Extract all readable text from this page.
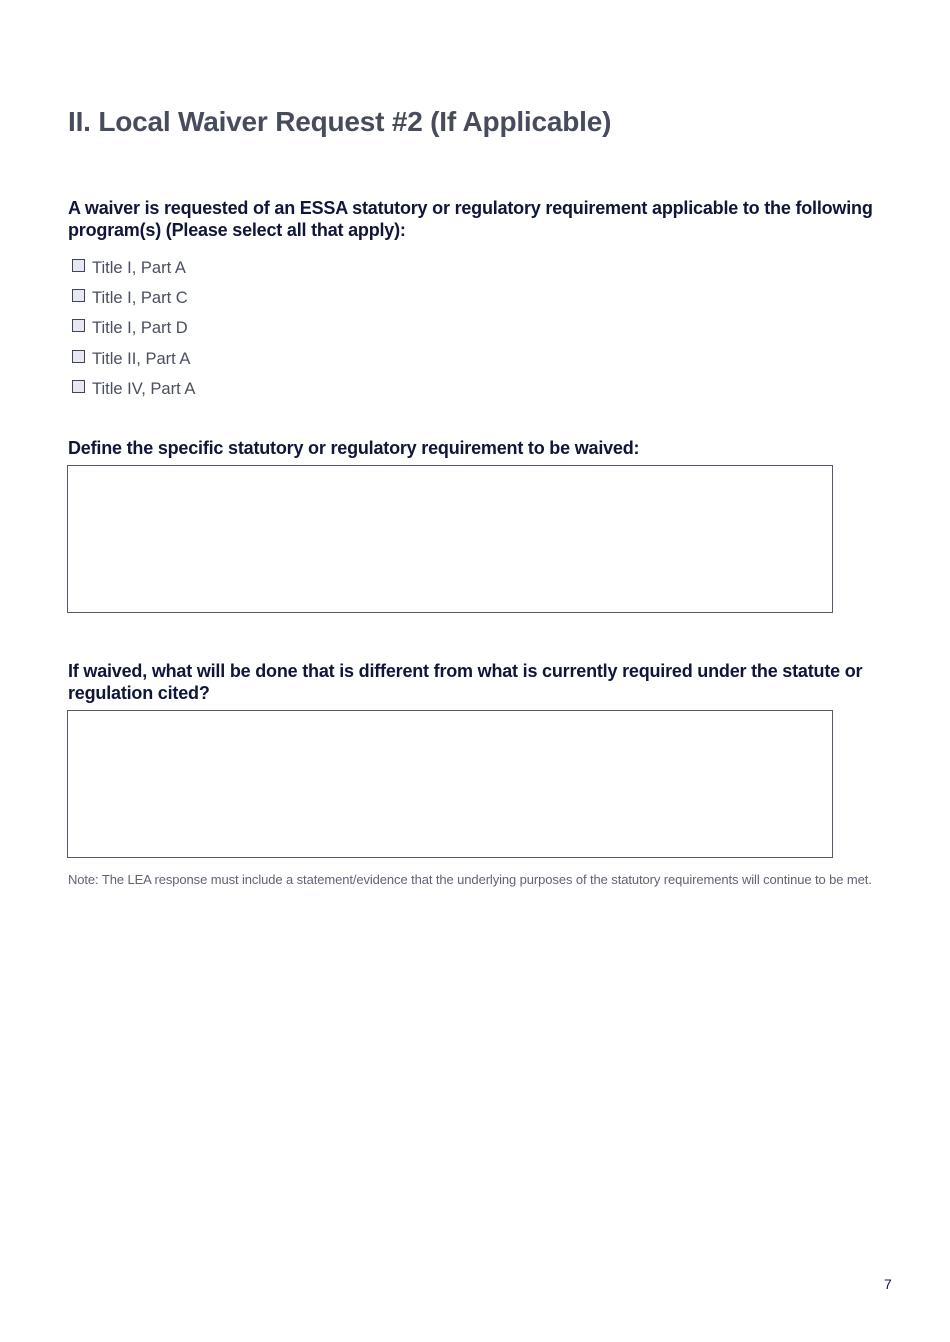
II. Local Waiver Request #2 (If Applicable)

A waiver is requested of an ESSA statutory or regulatory requirement applicable to the following program(s) (Please select all that apply):

Title I, Part A
Title I, Part C
Title I, Part D
Title II, Part A
Title IV, Part A

Define the specific statutory or regulatory requirement to be waived:

If waived, what will be done that is different from what is currently required under the statute or regulation cited?

Note: The LEA response must include a statement/evidence that the underlying purposes of the statutory requirements will continue to be met.

7
